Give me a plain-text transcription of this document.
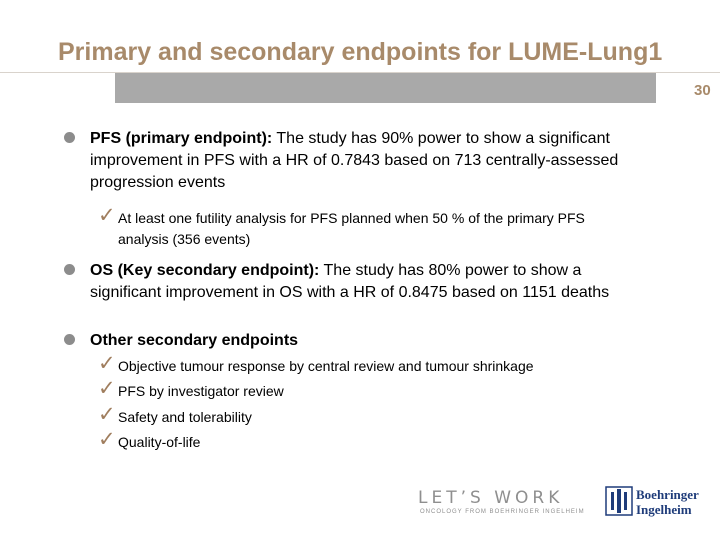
Primary and secondary endpoints for LUME-Lung1
30
PFS (primary endpoint): The study has 90% power to show a significant improvement in PFS with a HR of 0.7843 based on 713 centrally-assessed progression events
✓ At least one futility analysis for PFS planned when 50 % of the primary PFS analysis (356 events)
OS (Key secondary endpoint): The study has 80% power to show a significant improvement in OS with a HR of 0.8475 based on 1151 deaths
Other secondary endpoints
✓ Objective tumour response by central review and tumour shrinkage
✓ PFS by investigator review
✓ Safety and tolerability
✓ Quality-of-life
LET’S WORK
ONCOLOGY FROM BOEHRINGER INGELHEIM
Boehringer
Ingelheim
